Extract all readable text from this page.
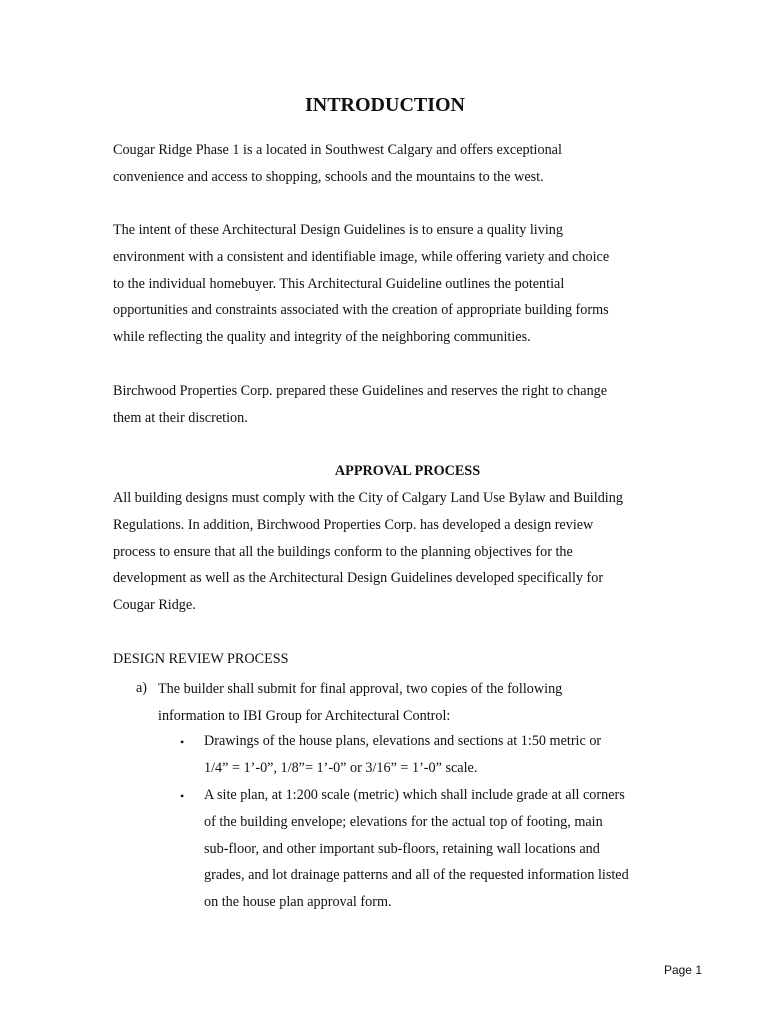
INTRODUCTION
Cougar Ridge Phase 1 is a located in Southwest Calgary and offers exceptional
convenience and access to shopping, schools and the mountains to the west.
The intent of these Architectural Design Guidelines is to ensure a quality living
environment with a consistent and identifiable image, while offering variety and choice
to the individual homebuyer. This Architectural Guideline outlines the potential
opportunities and constraints associated with the creation of appropriate building forms
while reflecting the quality and integrity of the neighboring communities.
Birchwood Properties Corp. prepared these Guidelines and reserves the right to change
them at their discretion.
APPROVAL PROCESS
All building designs must comply with the City of Calgary Land Use Bylaw and Building
Regulations. In addition, Birchwood Properties Corp. has developed a design review
process to ensure that all the buildings conform to the planning objectives for the
development as well as the Architectural Design Guidelines developed specifically for
Cougar Ridge.
DESIGN REVIEW PROCESS
a) The builder shall submit for final approval, two copies of the following
information to IBI Group for Architectural Control:
• Drawings of the house plans, elevations and sections at 1:50 metric or
1/4” = 1’-0”, 1/8”= 1’-0” or 3/16” = 1’-0” scale.
• A site plan, at 1:200 scale (metric) which shall include grade at all corners
of the building envelope; elevations for the actual top of footing, main
sub-floor, and other important sub-floors, retaining wall locations and
grades, and lot drainage patterns and all of the requested information listed
on the house plan approval form.
Page 1
